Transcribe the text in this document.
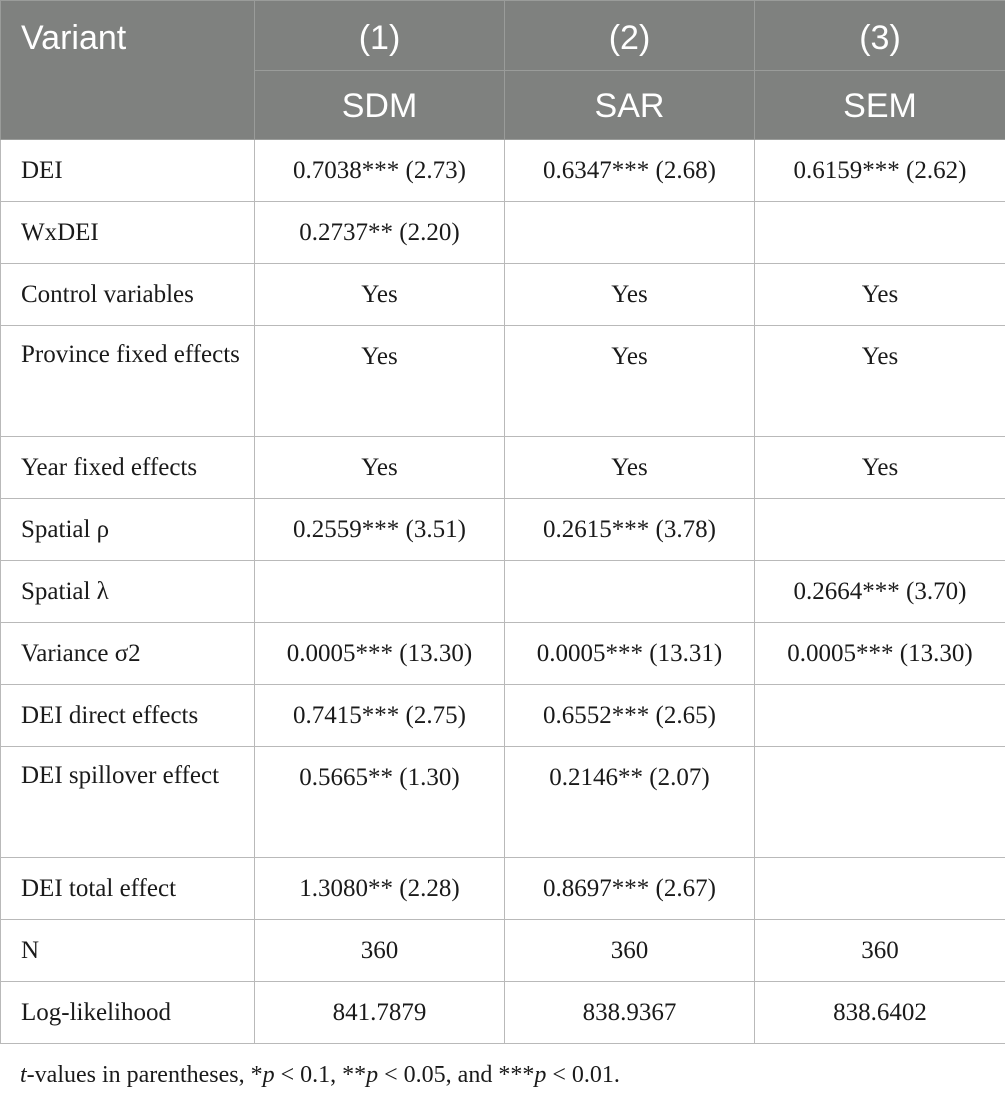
Variant	(1)	(2)	(3)
	SDM	SAR	SEM
DEI	0.7038*** (2.73)	0.6347*** (2.68)	0.6159*** (2.62)
WxDEI	0.2737** (2.20)		
Control variables	Yes	Yes	Yes
Province fixed effects	Yes	Yes	Yes
Year fixed effects	Yes	Yes	Yes
Spatial ρ	0.2559*** (3.51)	0.2615*** (3.78)	
Spatial λ			0.2664*** (3.70)
Variance σ2	0.0005*** (13.30)	0.0005*** (13.31)	0.0005*** (13.30)
DEI direct effects	0.7415*** (2.75)	0.6552*** (2.65)	
DEI spillover effect	0.5665** (1.30)	0.2146** (2.07)	
DEI total effect	1.3080** (2.28)	0.8697*** (2.67)	
N	360	360	360
Log-likelihood	841.7879	838.9367	838.6402
t-values in parentheses, *p < 0.1, **p < 0.05, and ***p < 0.01.
